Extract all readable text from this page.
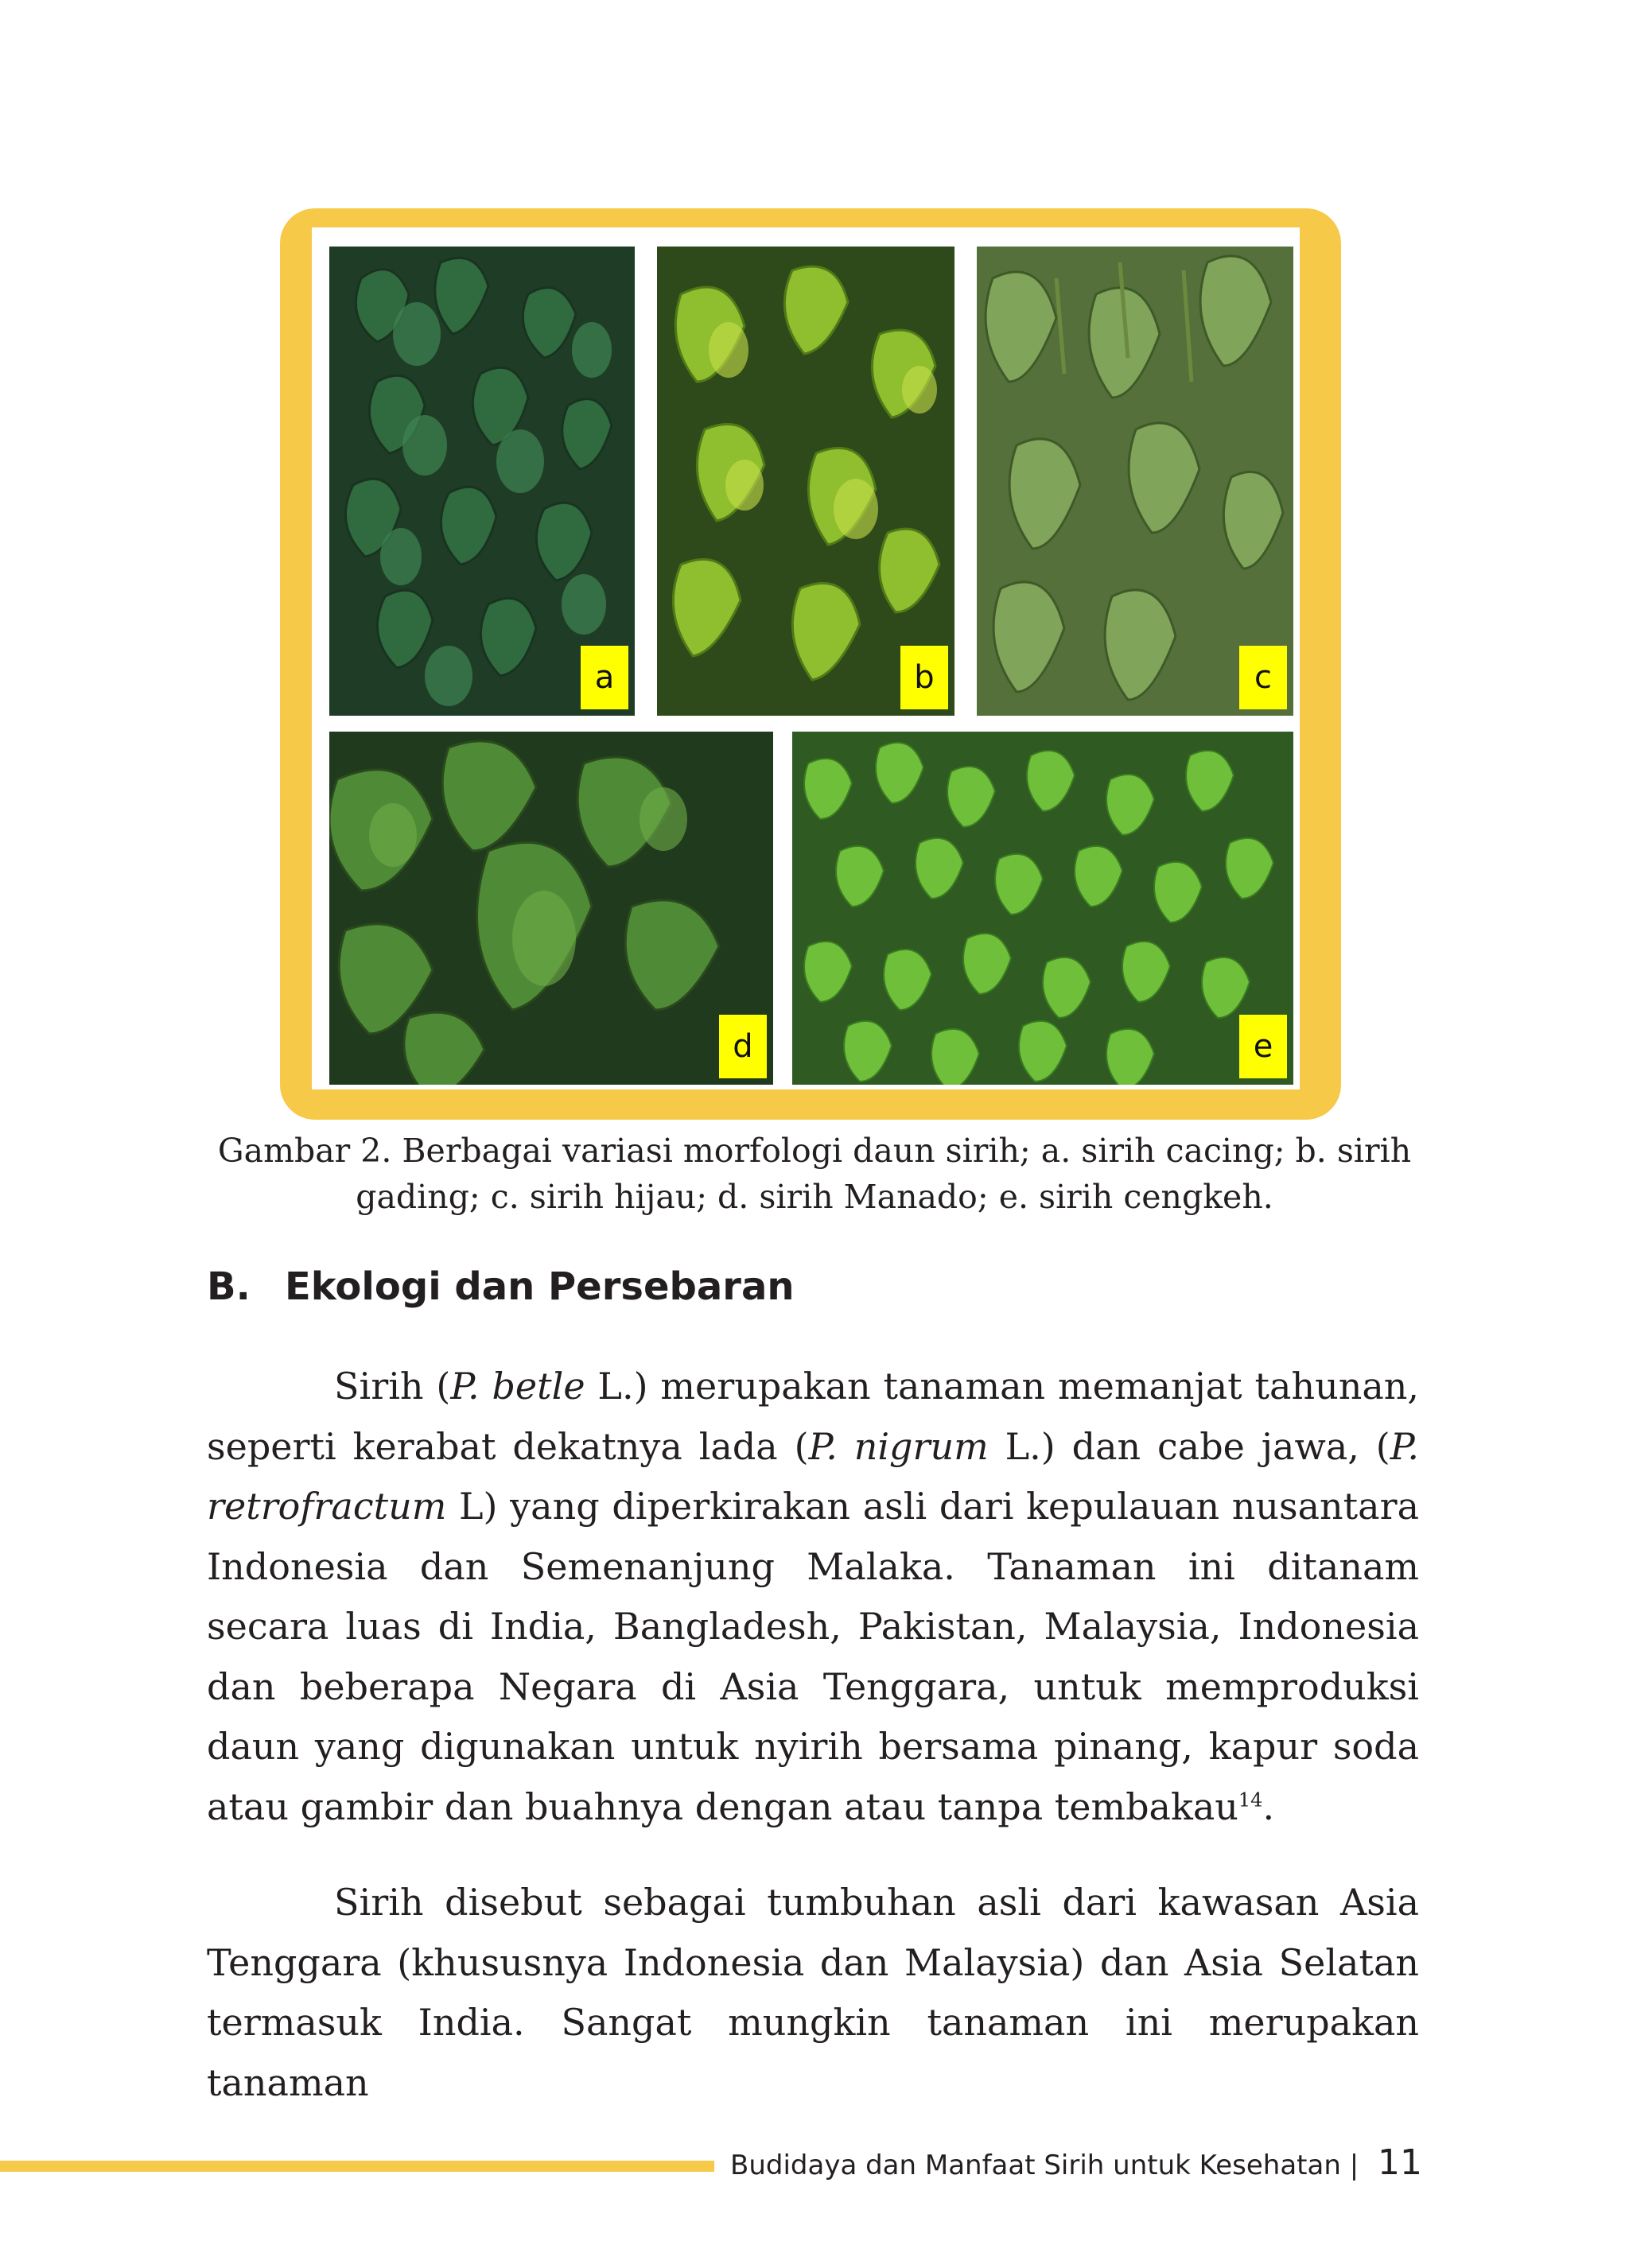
a	b	c
d	e
Gambar 2. Berbagai variasi morfologi daun sirih; a. sirih cacing; b. sirih
gading; c. sirih hijau; d. sirih Manado; e. sirih cengkeh.
B. Ekologi dan Persebaran

Sirih (P. betle L.) merupakan tanaman memanjat tahunan, seperti kerabat dekatnya lada (P. nigrum L.) dan cabe jawa, (P. retrofractum L) yang diperkirakan asli dari kepulauan nusantara Indonesia dan Semenanjung Malaka. Tanaman ini ditanam secara luas di India, Bangladesh, Pakistan, Malaysia, Indonesia dan beberapa Negara di Asia Tenggara, untuk memproduksi daun yang digunakan untuk nyirih bersama pinang, kapur soda atau gambir dan buahnya dengan atau tanpa tembakau$^{14}$.

Sirih disebut sebagai tumbuhan asli dari kawasan Asia Tenggara (khususnya Indonesia dan Malaysia) dan Asia Selatan termasuk India. Sangat mungkin tanaman ini merupakan tanaman

Budidaya dan Manfaat Sirih untuk Kesehatan | 11
